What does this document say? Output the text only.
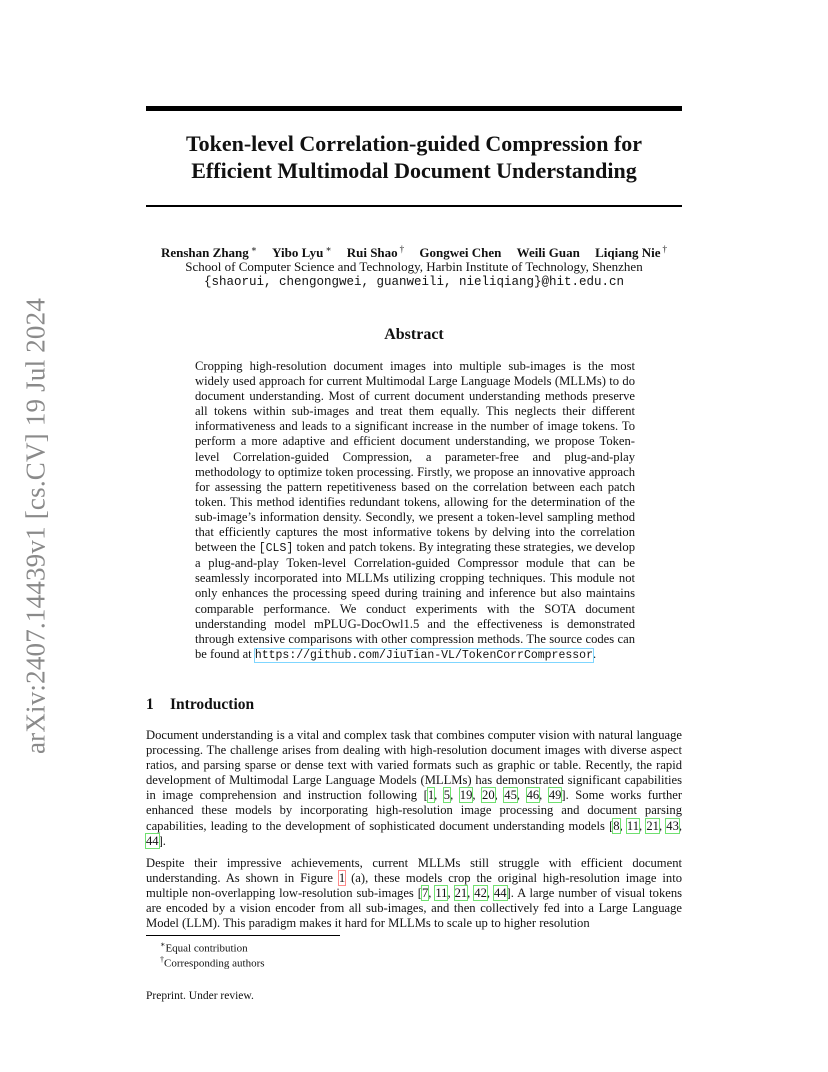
arXiv:2407.14439v1 [cs.CV] 19 Jul 2024
Token-level Correlation-guided Compression for
Efficient Multimodal Document Understanding
Renshan Zhang ∗ Yibo Lyu ∗ Rui Shao † Gongwei Chen Weili Guan Liqiang Nie †
School of Computer Science and Technology, Harbin Institute of Technology, Shenzhen
{shaorui, chengongwei, guanweili, nieliqiang}@hit.edu.cn
Abstract

Cropping high-resolution document images into multiple sub-images is the most widely used approach for current Multimodal Large Language Models (MLLMs) to do document understanding. Most of current document understanding methods preserve all tokens within sub-images and treat them equally. This neglects their different informativeness and leads to a significant increase in the number of image tokens. To perform a more adaptive and efficient document understanding, we propose Token-level Correlation-guided Compression, a parameter-free and plug-and-play methodology to optimize token processing. Firstly, we propose an innovative approach for assessing the pattern repetitiveness based on the correlation between each patch token. This method identifies redundant tokens, allowing for the determination of the sub-image’s information density. Secondly, we present a token-level sampling method that efficiently captures the most informative tokens by delving into the correlation between the [CLS] token and patch tokens. By integrating these strategies, we develop a plug-and-play Token-level Correlation-guided Compressor module that can be seamlessly incorporated into MLLMs utilizing cropping techniques. This module not only enhances the processing speed during training and inference but also maintains comparable performance. We conduct experiments with the SOTA document understanding model mPLUG-DocOwl1.5 and the effectiveness is demonstrated through extensive comparisons with other compression methods. The source codes can be found at https://github.com/JiuTian-VL/TokenCorrCompressor.

1 Introduction

Document understanding is a vital and complex task that combines computer vision with natural language processing. The challenge arises from dealing with high-resolution document images with diverse aspect ratios, and parsing sparse or dense text with varied formats such as graphic or table. Recently, the rapid development of Multimodal Large Language Models (MLLMs) has demonstrated significant capabilities in image comprehension and instruction following [1, 5, 19, 20, 45, 46, 49]. Some works further enhanced these models by incorporating high-resolution image processing and document parsing capabilities, leading to the development of sophisticated document understanding models [8, 11, 21, 43, 44].

Despite their impressive achievements, current MLLMs still struggle with efficient document understanding. As shown in Figure 1 (a), these models crop the original high-resolution image into multiple non-overlapping low-resolution sub-images [7, 11, 21, 42, 44]. A large number of visual tokens are encoded by a vision encoder from all sub-images, and then collectively fed into a Large Language Model (LLM). This paradigm makes it hard for MLLMs to scale up to higher resolution

∗Equal contribution
†Corresponding authors
Preprint. Under review.
